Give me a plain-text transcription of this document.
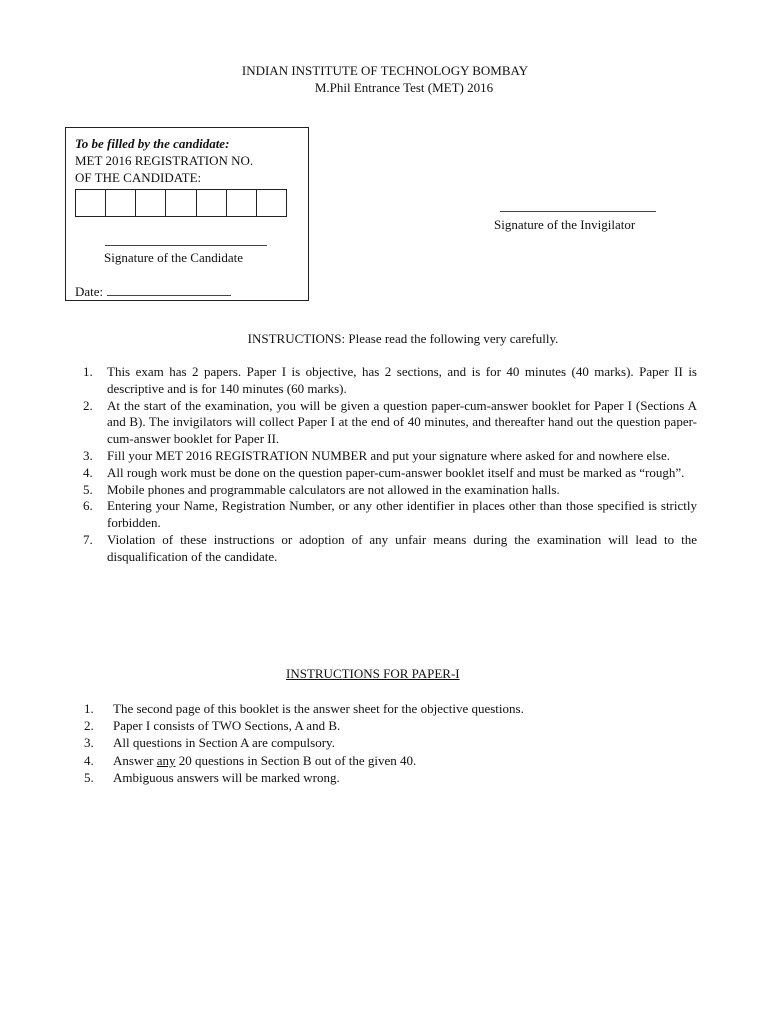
INDIAN INSTITUTE OF TECHNOLOGY BOMBAY
M.Phil Entrance Test (MET) 2016
To be filled by the candidate:
MET 2016 REGISTRATION NO.
OF THE CANDIDATE:
Signature of the Candidate
Date:
Signature of the Invigilator
INSTRUCTIONS: Please read the following very carefully.
1. This exam has 2 papers. Paper I is objective, has 2 sections, and is for 40 minutes (40 marks). Paper II is descriptive and is for 140 minutes (60 marks).
2. At the start of the examination, you will be given a question paper-cum-answer booklet for Paper I (Sections A and B). The invigilators will collect Paper I at the end of 40 minutes, and thereafter hand out the question paper-cum-answer booklet for Paper II.
3. Fill your MET 2016 REGISTRATION NUMBER and put your signature where asked for and nowhere else.
4. All rough work must be done on the question paper-cum-answer booklet itself and must be marked as “rough”.
5. Mobile phones and programmable calculators are not allowed in the examination halls.
6. Entering your Name, Registration Number, or any other identifier in places other than those specified is strictly forbidden.
7. Violation of these instructions or adoption of any unfair means during the examination will lead to the disqualification of the candidate.
INSTRUCTIONS FOR PAPER-I
1. The second page of this booklet is the answer sheet for the objective questions.
2. Paper I consists of TWO Sections, A and B.
3. All questions in Section A are compulsory.
4. Answer any 20 questions in Section B out of the given 40.
5. Ambiguous answers will be marked wrong.
